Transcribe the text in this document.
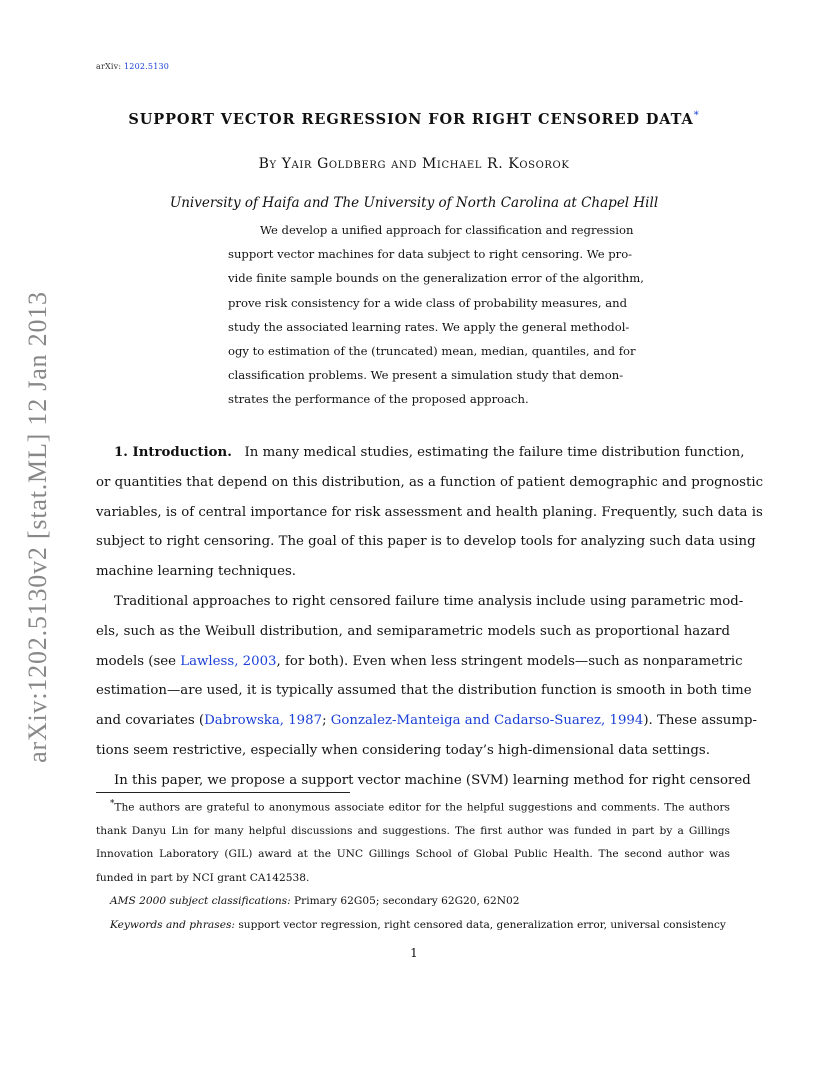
arXiv: 1202.5130
arXiv:1202.5130v2 [stat.ML] 12 Jan 2013
SUPPORT VECTOR REGRESSION FOR RIGHT CENSORED DATA*
By Yair Goldberg and Michael R. Kosorok
University of Haifa and The University of North Carolina at Chapel Hill
We develop a unified approach for classification and regression
support vector machines for data subject to right censoring. We pro-
vide finite sample bounds on the generalization error of the algorithm,
prove risk consistency for a wide class of probability measures, and
study the associated learning rates. We apply the general methodol-
ogy to estimation of the (truncated) mean, median, quantiles, and for
classification problems. We present a simulation study that demon-
strates the performance of the proposed approach.
1. Introduction. In many medical studies, estimating the failure time distribution function,
or quantities that depend on this distribution, as a function of patient demographic and prognostic
variables, is of central importance for risk assessment and health planing. Frequently, such data is
subject to right censoring. The goal of this paper is to develop tools for analyzing such data using
machine learning techniques.
Traditional approaches to right censored failure time analysis include using parametric mod-
els, such as the Weibull distribution, and semiparametric models such as proportional hazard
models (see Lawless, 2003, for both). Even when less stringent models—such as nonparametric
estimation—are used, it is typically assumed that the distribution function is smooth in both time
and covariates (Dabrowska, 1987; Gonzalez-Manteiga and Cadarso-Suarez, 1994). These assump-
tions seem restrictive, especially when considering today’s high-dimensional data settings.
In this paper, we propose a support vector machine (SVM) learning method for right censored
*The authors are grateful to anonymous associate editor for the helpful suggestions and comments. The authors
thank Danyu Lin for many helpful discussions and suggestions. The first author was funded in part by a Gillings
Innovation Laboratory (GIL) award at the UNC Gillings School of Global Public Health. The second author was
funded in part by NCI grant CA142538.
AMS 2000 subject classifications: Primary 62G05; secondary 62G20, 62N02
Keywords and phrases: support vector regression, right censored data, generalization error, universal consistency
1
